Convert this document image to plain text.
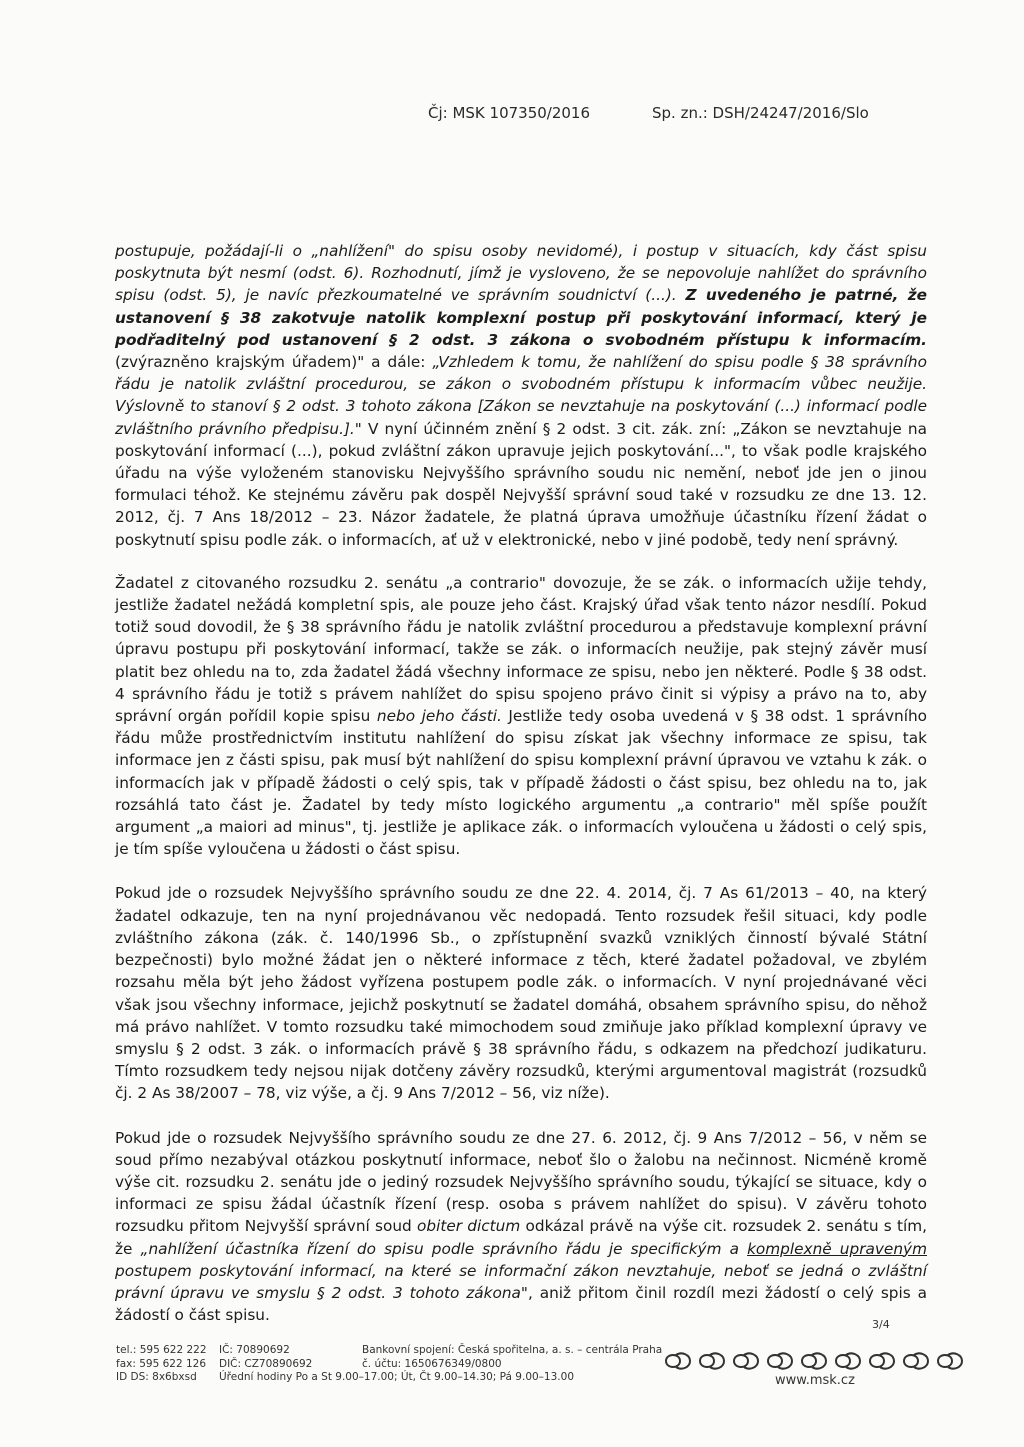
Čj: MSK 107350/2016	Sp. zn.: DSH/24247/2016/Slo

postupuje, požádají-li o „nahlížení" do spisu osoby nevidomé), i postup v situacích, kdy část spisu poskytnuta být nesmí (odst. 6). Rozhodnutí, jímž je vysloveno, že se nepovoluje nahlížet do správního spisu (odst. 5), je navíc přezkoumatelné ve správním soudnictví (...). Z uvedeného je patrné, že ustanovení § 38 zakotvuje natolik komplexní postup při poskytování informací, který je podřaditelný pod ustanovení § 2 odst. 3 zákona o svobodném přístupu k informacím. (zvýrazněno krajským úřadem)" a dále: „Vzhledem k tomu, že nahlížení do spisu podle § 38 správního řádu je natolik zvláštní procedurou, se zákon o svobodném přístupu k informacím vůbec neužije. Výslovně to stanoví § 2 odst. 3 tohoto zákona [Zákon se nevztahuje na poskytování (...) informací podle zvláštního právního předpisu.]." V nyní účinném znění § 2 odst. 3 cit. zák. zní: „Zákon se nevztahuje na poskytování informací (...), pokud zvláštní zákon upravuje jejich poskytování...", to však podle krajského úřadu na výše vyloženém stanovisku Nejvyššího správního soudu nic nemění, neboť jde jen o jinou formulaci téhož. Ke stejnému závěru pak dospěl Nejvyšší správní soud také v rozsudku ze dne 13. 12. 2012, čj. 7 Ans 18/2012 – 23. Názor žadatele, že platná úprava umožňuje účastníku řízení žádat o poskytnutí spisu podle zák. o informacích, ať už v elektronické, nebo v jiné podobě, tedy není správný.

Žadatel z citovaného rozsudku 2. senátu „a contrario" dovozuje, že se zák. o informacích užije tehdy, jestliže žadatel nežádá kompletní spis, ale pouze jeho část. Krajský úřad však tento názor nesdílí. Pokud totiž soud dovodil, že § 38 správního řádu je natolik zvláštní procedurou a představuje komplexní právní úpravu postupu při poskytování informací, takže se zák. o informacích neužije, pak stejný závěr musí platit bez ohledu na to, zda žadatel žádá všechny informace ze spisu, nebo jen některé. Podle § 38 odst. 4 správního řádu je totiž s právem nahlížet do spisu spojeno právo činit si výpisy a právo na to, aby správní orgán pořídil kopie spisu nebo jeho části. Jestliže tedy osoba uvedená v § 38 odst. 1 správního řádu může prostřednictvím institutu nahlížení do spisu získat jak všechny informace ze spisu, tak informace jen z části spisu, pak musí být nahlížení do spisu komplexní právní úpravou ve vztahu k zák. o informacích jak v případě žádosti o celý spis, tak v případě žádosti o část spisu, bez ohledu na to, jak rozsáhlá tato část je. Žadatel by tedy místo logického argumentu „a contrario" měl spíše použít argument „a maiori ad minus", tj. jestliže je aplikace zák. o informacích vyloučena u žádosti o celý spis, je tím spíše vyloučena u žádosti o část spisu.

Pokud jde o rozsudek Nejvyššího správního soudu ze dne 22. 4. 2014, čj. 7 As 61/2013 – 40, na který žadatel odkazuje, ten na nyní projednávanou věc nedopadá. Tento rozsudek řešil situaci, kdy podle zvláštního zákona (zák. č. 140/1996 Sb., o zpřístupnění svazků vzniklých činností bývalé Státní bezpečnosti) bylo možné žádat jen o některé informace z těch, které žadatel požadoval, ve zbylém rozsahu měla být jeho žádost vyřízena postupem podle zák. o informacích. V nyní projednávané věci však jsou všechny informace, jejichž poskytnutí se žadatel domáhá, obsahem správního spisu, do něhož má právo nahlížet. V tomto rozsudku také mimochodem soud zmiňuje jako příklad komplexní úpravy ve smyslu § 2 odst. 3 zák. o informacích právě § 38 správního řádu, s odkazem na předchozí judikaturu. Tímto rozsudkem tedy nejsou nijak dotčeny závěry rozsudků, kterými argumentoval magistrát (rozsudků čj. 2 As 38/2007 – 78, viz výše, a čj. 9 Ans 7/2012 – 56, viz níže).

Pokud jde o rozsudek Nejvyššího správního soudu ze dne 27. 6. 2012, čj. 9 Ans 7/2012 – 56, v něm se soud přímo nezabýval otázkou poskytnutí informace, neboť šlo o žalobu na nečinnost. Nicméně kromě výše cit. rozsudku 2. senátu jde o jediný rozsudek Nejvyššího správního soudu, týkající se situace, kdy o informaci ze spisu žádal účastník řízení (resp. osoba s právem nahlížet do spisu). V závěru tohoto rozsudku přitom Nejvyšší správní soud obiter dictum odkázal právě na výše cit. rozsudek 2. senátu s tím, že „nahlížení účastníka řízení do spisu podle správního řádu je specifickým a komplexně upraveným postupem poskytování informací, na které se informační zákon nevztahuje, neboť se jedná o zvláštní právní úpravu ve smyslu § 2 odst. 3 tohoto zákona", aniž přitom činil rozdíl mezi žádostí o celý spis a žádostí o část spisu.

3/4
tel.: 595 622 222
fax: 595 622 126
ID DS: 8x6bxsd
IČ: 70890692
DIČ: CZ70890692
Úřední hodiny Po a St 9.00–17.00; Út, Čt 9.00–14.30; Pá 9.00–13.00
Bankovní spojení: Česká spořitelna, a. s. – centrála Praha
č. účtu: 1650676349/0800
www.msk.cz
